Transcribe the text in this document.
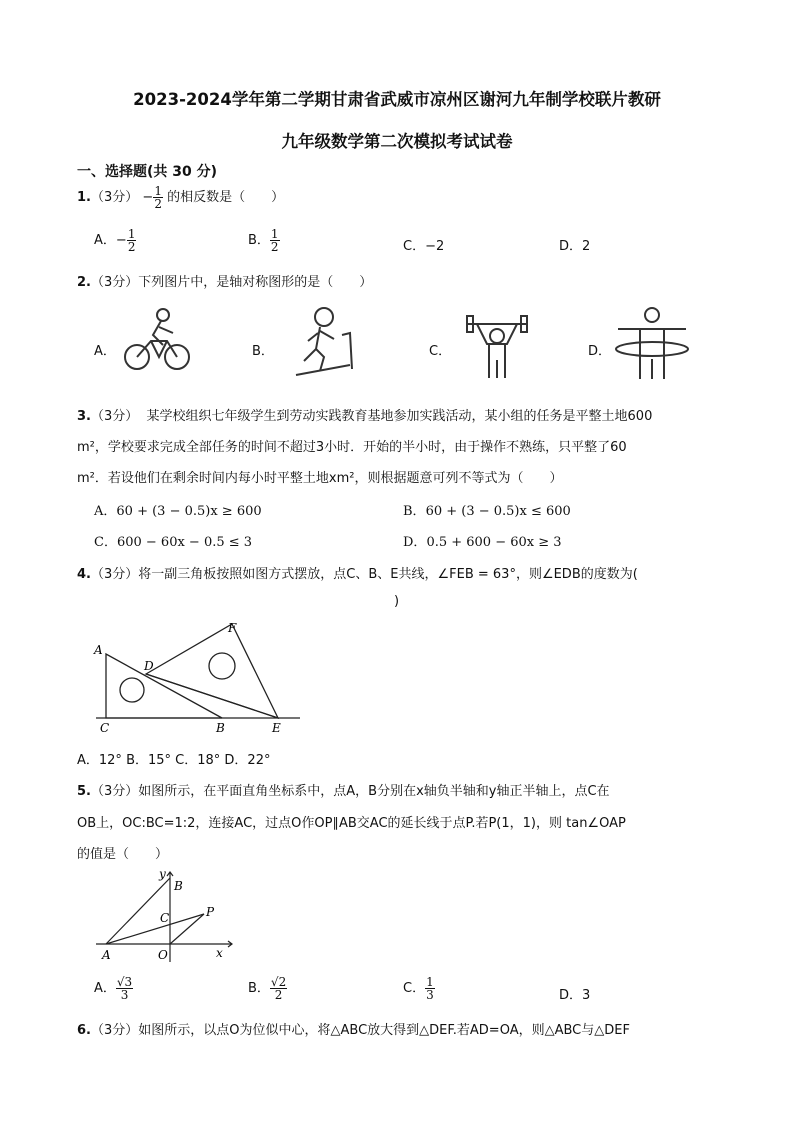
2023-2024学年第二学期甘肃省武威市凉州区谢河九年制学校联片教研
九年级数学第二次模拟考试试卷
一、选择题(共 30 分)
1.（3分） − $\frac{1}{2}$ 的相反数是（　　）
A．− $\frac{1}{2}$	B． $\frac{1}{2}$	C．−2	D．2
2.（3分）下列图片中，是轴对称图形的是（　　）
A．	B．	C．	D．
3.（3分） 某学校组织七年级学生到劳动实践教育基地参加实践活动，某小组的任务是平整土地600
m²，学校要求完成全部任务的时间不超过3小时．开始的半小时，由于操作不熟练，只平整了60
m²．若设他们在剩余时间内每小时平整土地xm²，则根据题意可列不等式为（　　）
A．60 + (3 − 0.5)x ≥ 600	B．60 + (3 − 0.5)x ≤ 600
C．600 − 60x − 0.5 ≤ 3	D．0.5 + 600 − 60x ≥ 3
4.（3分）将一副三角板按照如图方式摆放，点C、B、E共线，∠FEB = 63°，则∠EDB的度数为(
)
A
D
F
C	B	E
A．12° B．15° C．18° D．22°
5.（3分）如图所示，在平面直角坐标系中，点A，B分别在x轴负半轴和y轴正半轴上，点C在
OB上，OC:BC=1:2，连接AC，过点O作OP∥AB交AC的延长线于点P.若P(1，1)，则 tan∠OAP
的值是（　　）
y
B
C	P
A	O	x
A． $\frac{√3}{3}$	B． $\frac{√2}{2}$	C． $\frac{1}{3}$	D．3
6.（3分）如图所示，以点O为位似中心，将△ABC放大得到△DEF.若AD=OA，则△ABC与△DEF
